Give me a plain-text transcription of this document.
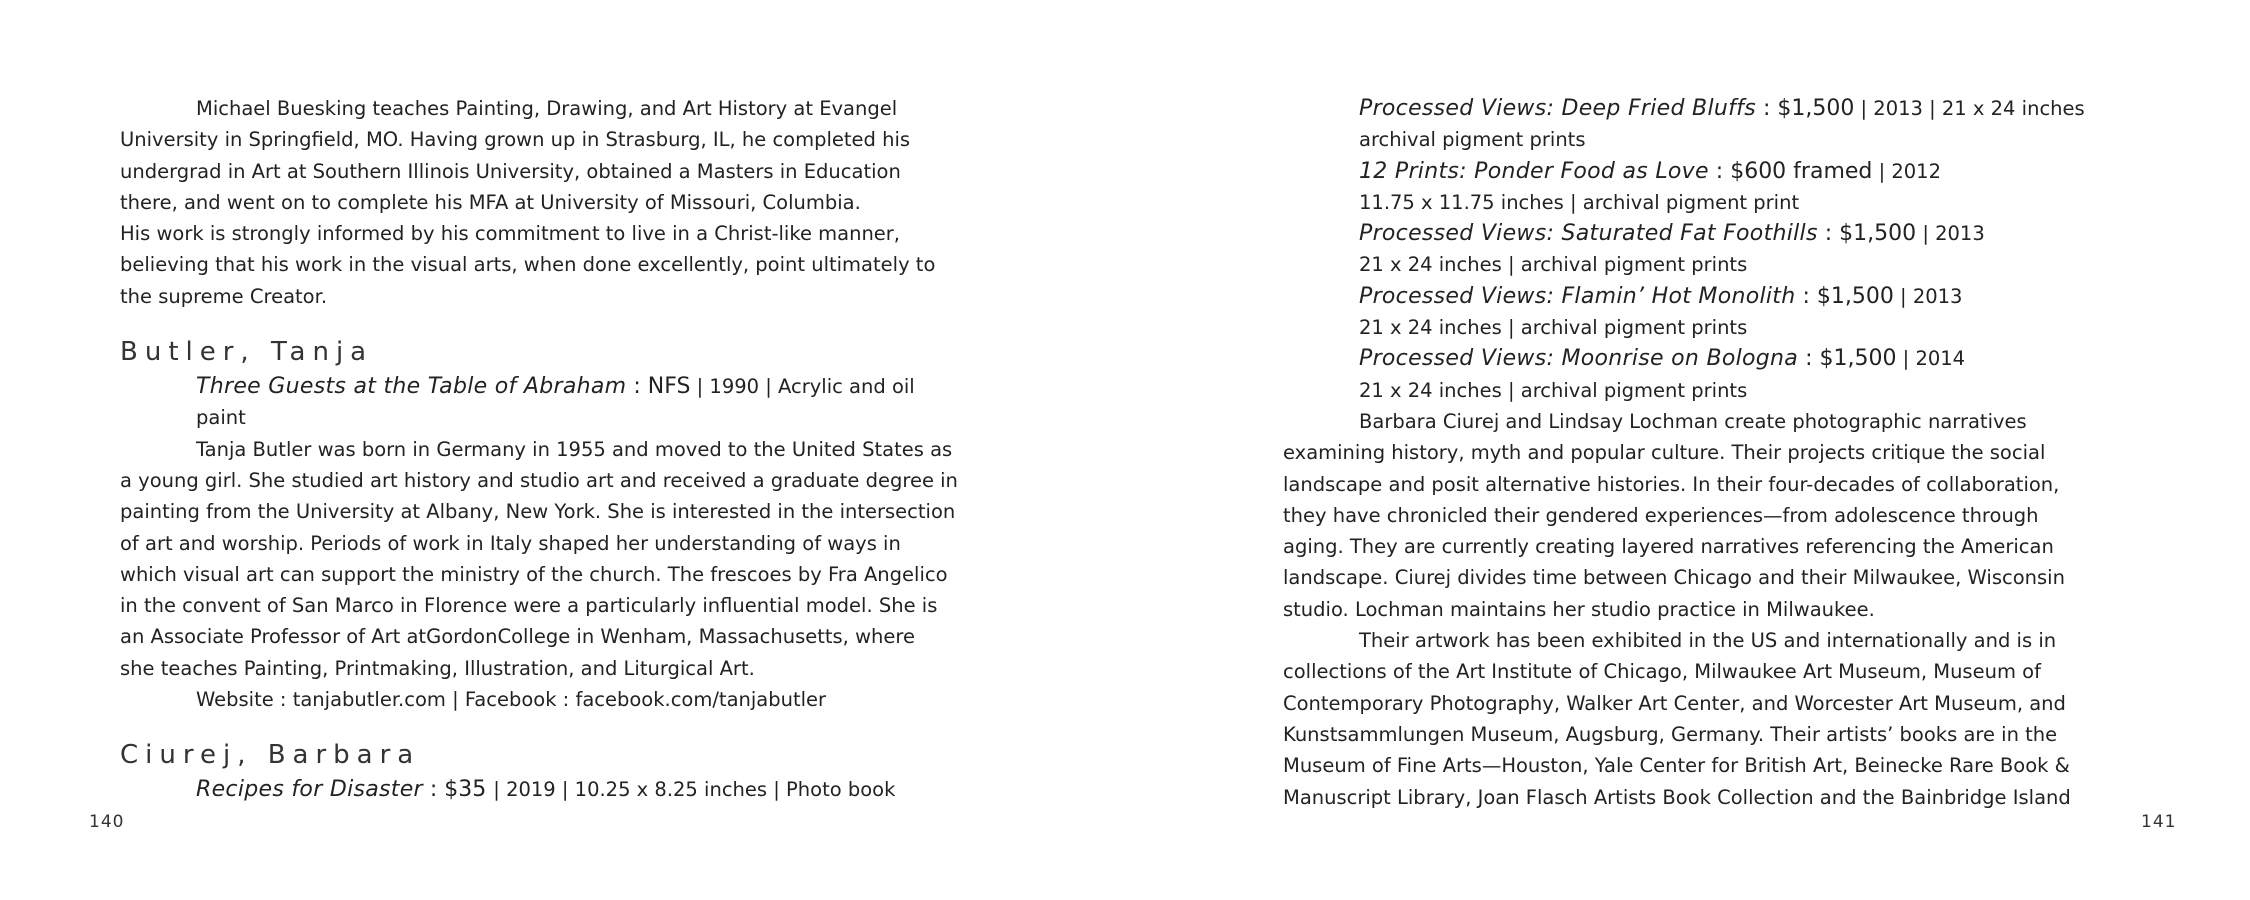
Michael Buesking teaches Painting, Drawing, and Art History at Evangel
University in Springfield, MO. Having grown up in Strasburg, IL, he completed his
undergrad in Art at Southern Illinois University, obtained a Masters in Education
there, and went on to complete his MFA at University of Missouri, Columbia.
His work is strongly informed by his commitment to live in a Christ-like manner,
believing that his work in the visual arts, when done excellently, point ultimately to
the supreme Creator.
Butler, Tanja
Three Guests at the Table of Abraham : NFS | 1990 | Acrylic and oil
paint
Tanja Butler was born in Germany in 1955 and moved to the United States as
a young girl. She studied art history and studio art and received a graduate degree in
painting from the University at Albany, New York. She is interested in the intersection
of art and worship. Periods of work in Italy shaped her understanding of ways in
which visual art can support the ministry of the church. The frescoes by Fra Angelico
in the convent of San Marco in Florence were a particularly influential model. She is
an Associate Professor of Art atGordonCollege in Wenham, Massachusetts, where
she teaches Painting, Printmaking, Illustration, and Liturgical Art.
Website : tanjabutler.com | Facebook : facebook.com/tanjabutler
Ciurej, Barbara
Recipes for Disaster : $35 | 2019 | 10.25 x 8.25 inches | Photo book
140
Processed Views: Deep Fried Bluffs : $1,500 | 2013 | 21 x 24 inches
archival pigment prints
12 Prints: Ponder Food as Love : $600 framed | 2012
11.75 x 11.75 inches | archival pigment print
Processed Views: Saturated Fat Foothills : $1,500 | 2013
21 x 24 inches | archival pigment prints
Processed Views: Flamin’ Hot Monolith : $1,500 | 2013
21 x 24 inches | archival pigment prints
Processed Views: Moonrise on Bologna : $1,500 | 2014
21 x 24 inches | archival pigment prints
Barbara Ciurej and Lindsay Lochman create photographic narratives
examining history, myth and popular culture. Their projects critique the social
landscape and posit alternative histories. In their four-decades of collaboration,
they have chronicled their gendered experiences—from adolescence through
aging. They are currently creating layered narratives referencing the American
landscape. Ciurej divides time between Chicago and their Milwaukee, Wisconsin
studio. Lochman maintains her studio practice in Milwaukee.
Their artwork has been exhibited in the US and internationally and is in
collections of the Art Institute of Chicago, Milwaukee Art Museum, Museum of
Contemporary Photography, Walker Art Center, and Worcester Art Museum, and
Kunstsammlungen Museum, Augsburg, Germany. Their artists’ books are in the
Museum of Fine Arts—Houston, Yale Center for British Art, Beinecke Rare Book &
Manuscript Library, Joan Flasch Artists Book Collection and the Bainbridge Island
141
